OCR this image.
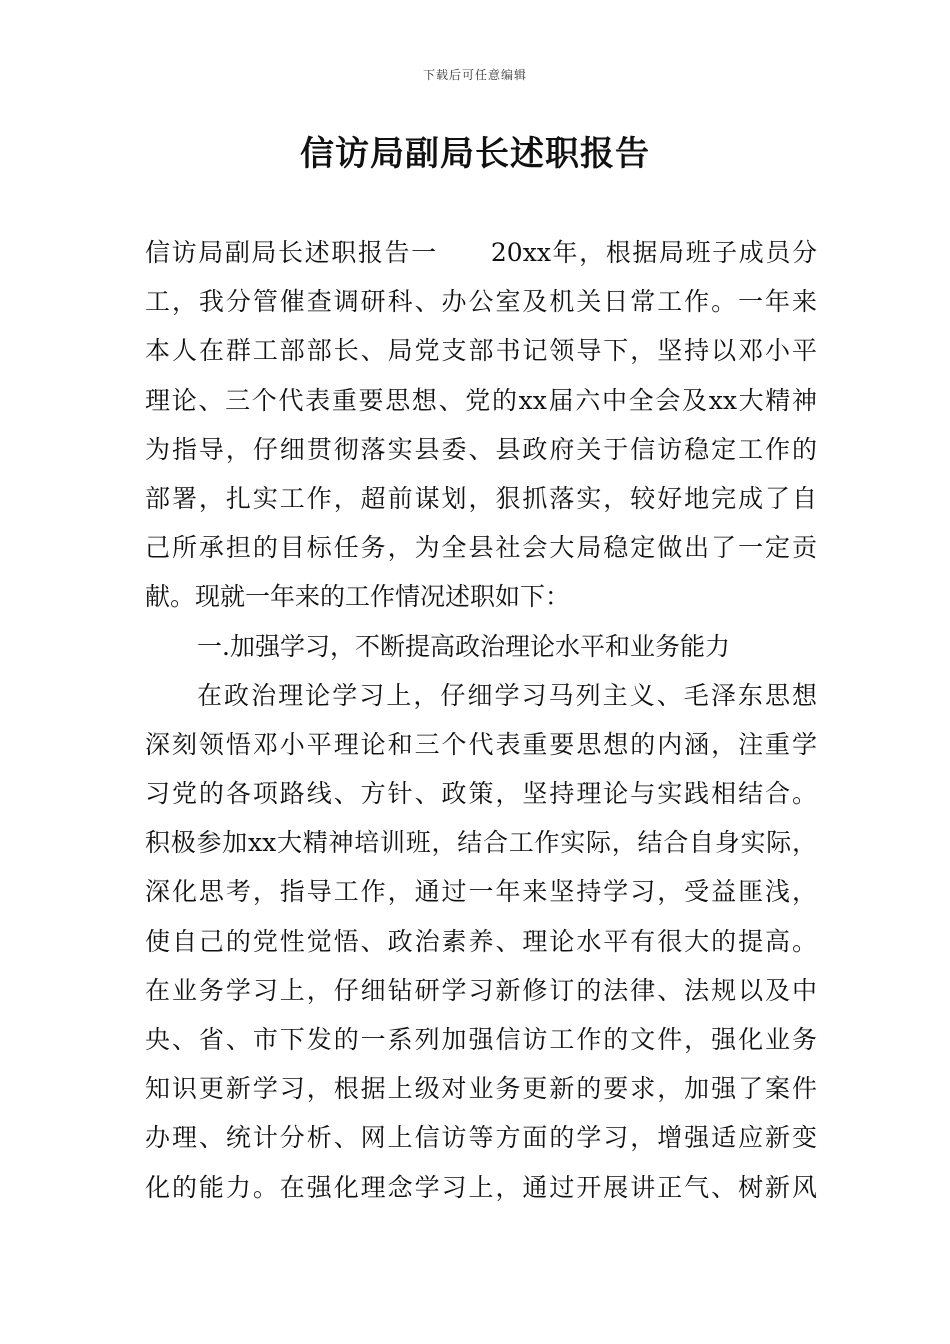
下载后可任意编辑
信访局副局长述职报告
信访局副局长述职报告一　　20xx年，根据局班子成员分
工，我分管催查调研科、办公室及机关日常工作。一年来
本人在群工部部长、局党支部书记领导下，坚持以邓小平
理论、三个代表重要思想、党的xx届六中全会及xx大精神
为指导，仔细贯彻落实县委、县政府关于信访稳定工作的
部署，扎实工作，超前谋划，狠抓落实，较好地完成了自
己所承担的目标任务，为全县社会大局稳定做出了一定贡
献。现就一年来的工作情况述职如下：
一.加强学习，不断提高政治理论水平和业务能力
在政治理论学习上，仔细学习马列主义、毛泽东思想
深刻领悟邓小平理论和三个代表重要思想的内涵，注重学
习党的各项路线、方针、政策，坚持理论与实践相结合。
积极参加xx大精神培训班，结合工作实际，结合自身实际，
深化思考，指导工作，通过一年来坚持学习，受益匪浅，
使自己的党性觉悟、政治素养、理论水平有很大的提高。
在业务学习上，仔细钻研学习新修订的法律、法规以及中
央、省、市下发的一系列加强信访工作的文件，强化业务
知识更新学习，根据上级对业务更新的要求，加强了案件
办理、统计分析、网上信访等方面的学习，增强适应新变
化的能力。在强化理念学习上，通过开展讲正气、树新风
